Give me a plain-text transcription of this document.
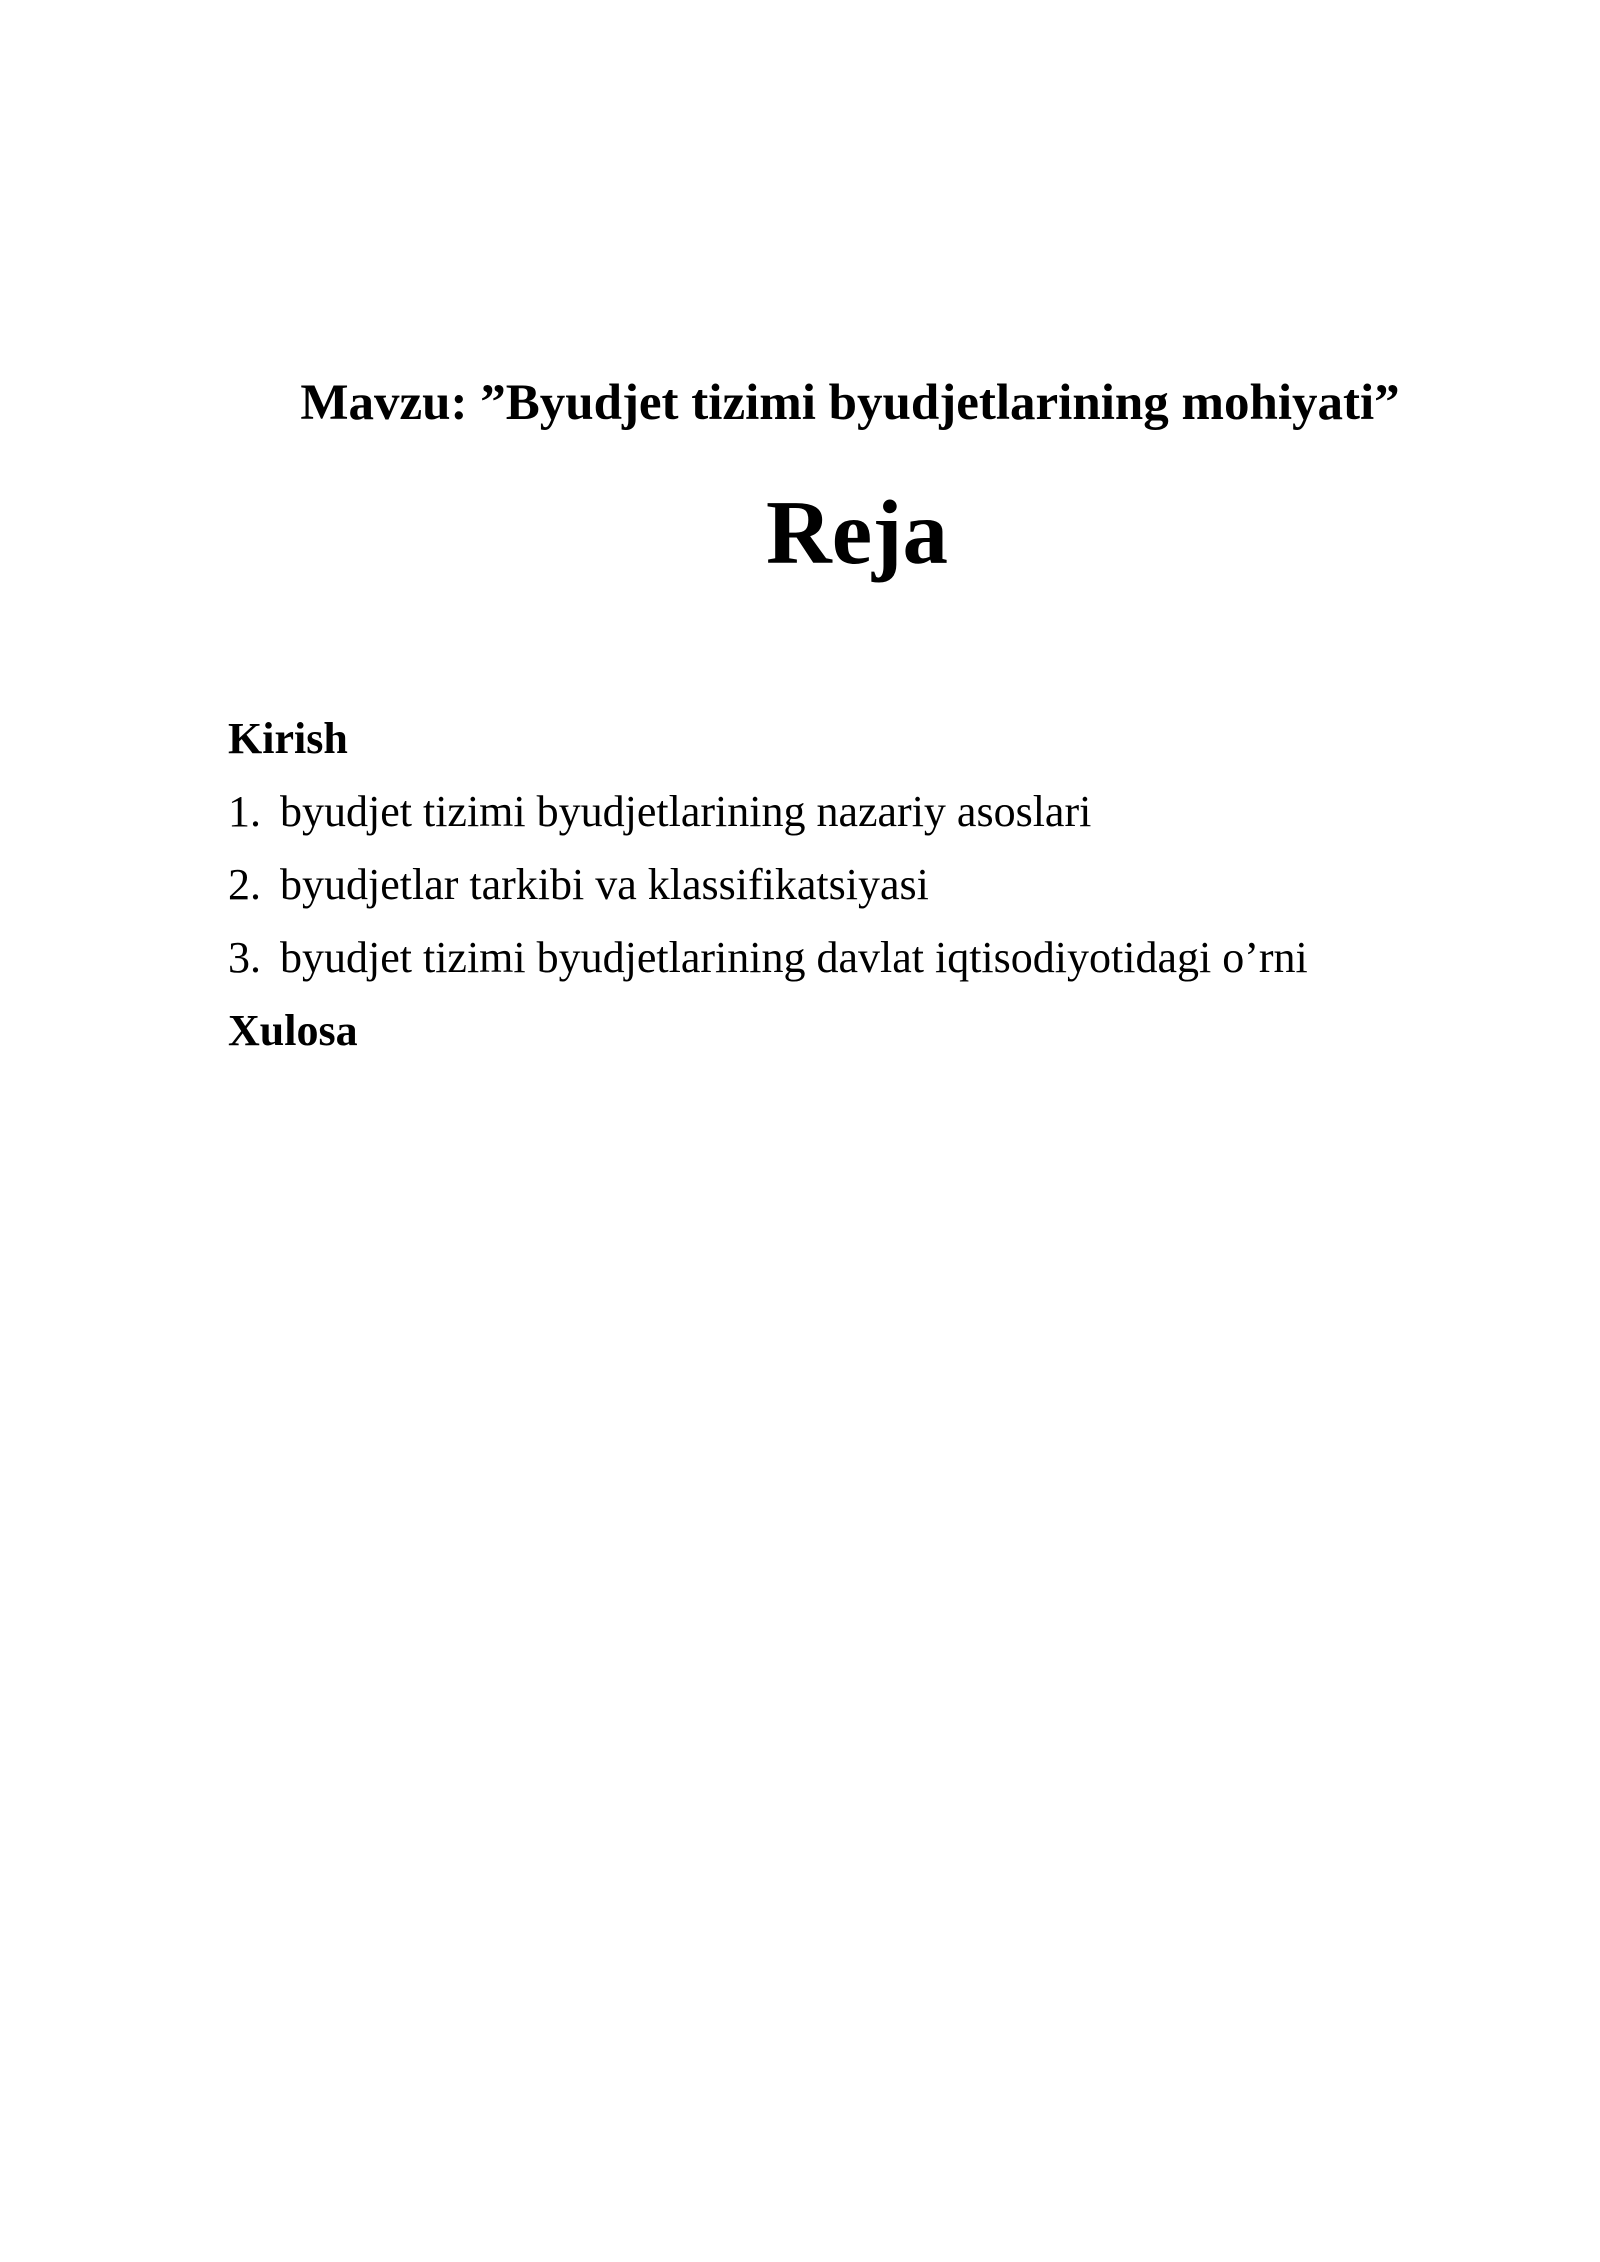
Mavzu: ”Byudjet tizimi byudjetlarining mohiyati”
Reja
Kirish
1. byudjet tizimi byudjetlarining nazariy asoslari
2. byudjetlar tarkibi va klassifikatsiyasi
3. byudjet tizimi byudjetlarining davlat iqtisodiyotidagi o’rni
Xulosa
